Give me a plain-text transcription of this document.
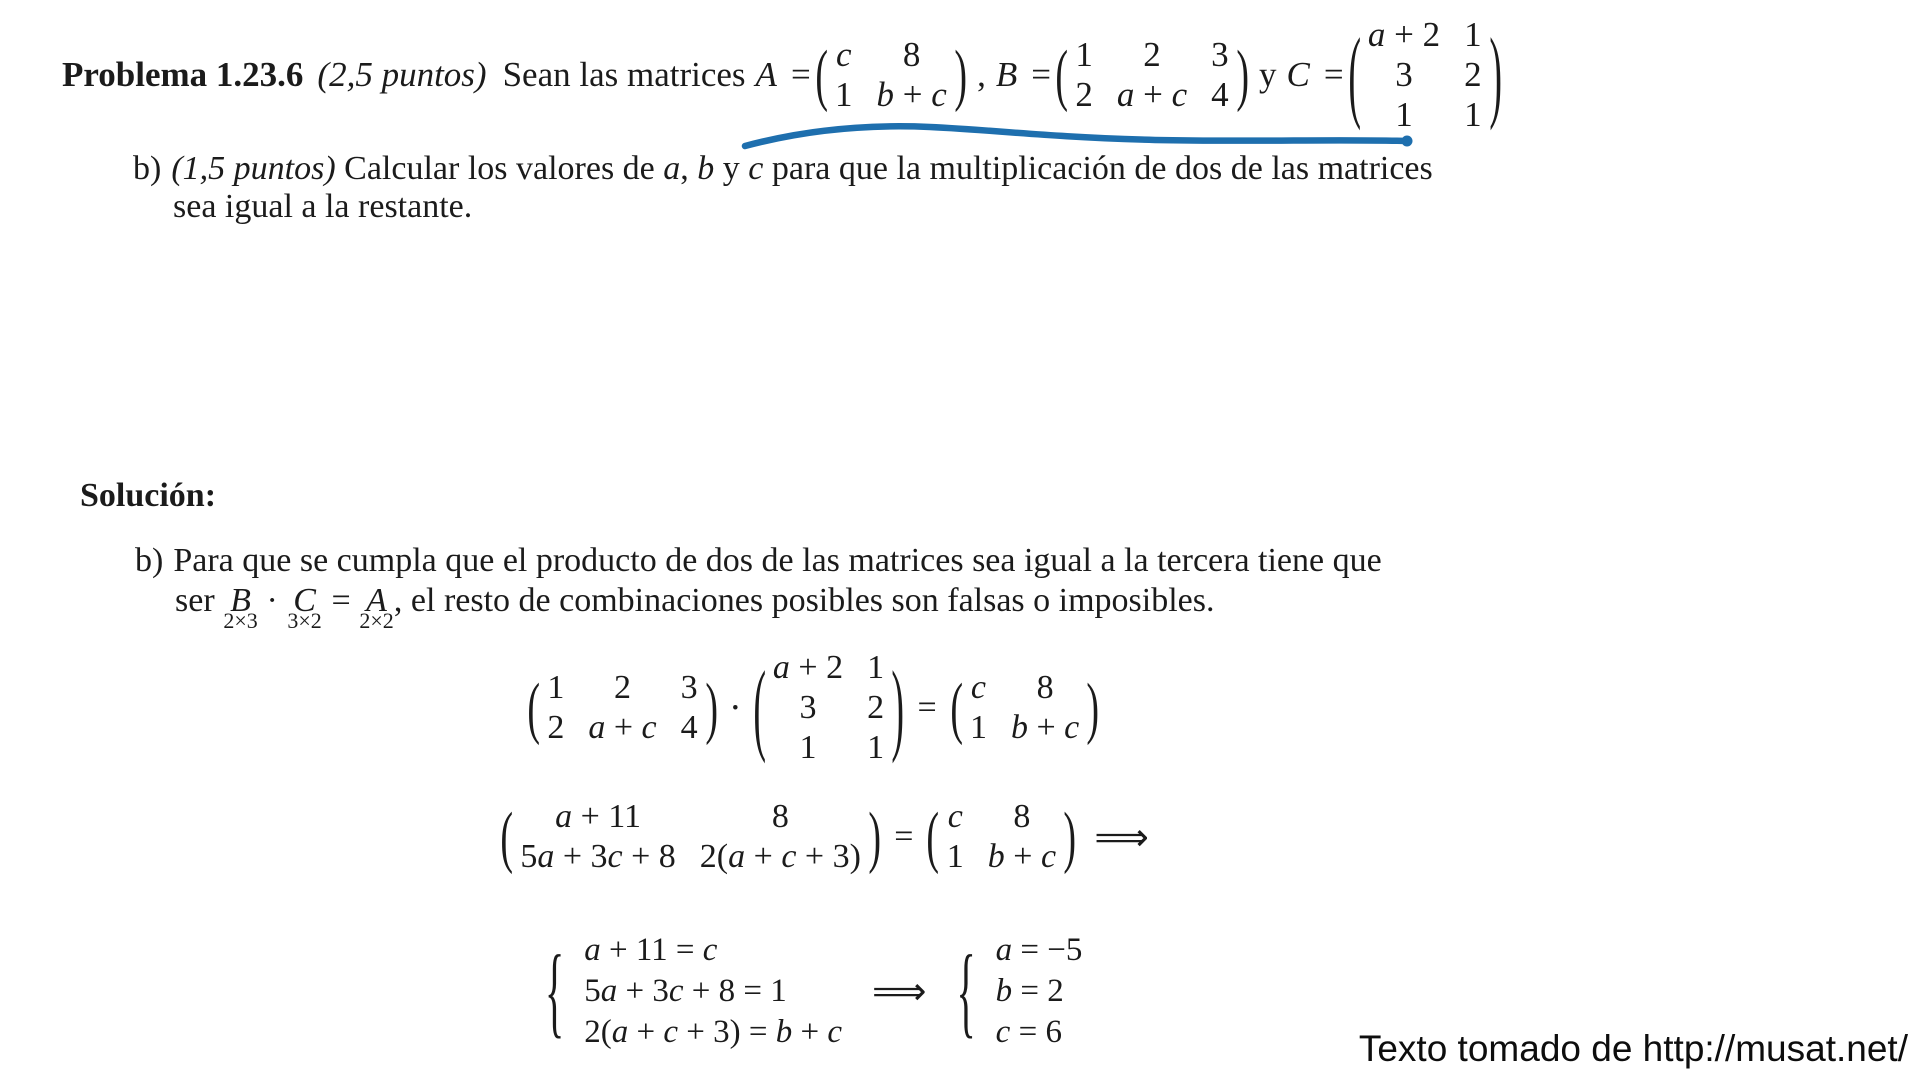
Problema 1.23.6 (2,5 puntos) Sean las matrices A = ( c 8
1 b + c ) , B = ( 1 2 3
2 a + c 4 ) y C = ( a + 2 1
3 2
1 1 )
b) (1,5 puntos) Calcular los valores de a, b y c para que la multiplicación de dos de las matrices
sea igual a la restante.
Solución:
b) Para que se cumpla que el producto de dos de las matrices sea igual a la tercera tiene que
ser B
2×3
· C
3×2
= A
2×2
, el resto de combinaciones posibles son falsas o imposibles.
( 1 2 3
2 a + c 4 ) · ( a + 2 1
3 2
1 1 ) = ( c 8
1 b + c )
( a + 11	8
5a + 3c + 8 2(a + c + 3) ) = ( c 8
1 b + c ) ⟹
{ a + 11 = c
5a + 3c + 8 = 1
2(a + c + 3) = b + c
⟹ { a = −5
b = 2
c = 6	Texto tomado de http://musat.net/
